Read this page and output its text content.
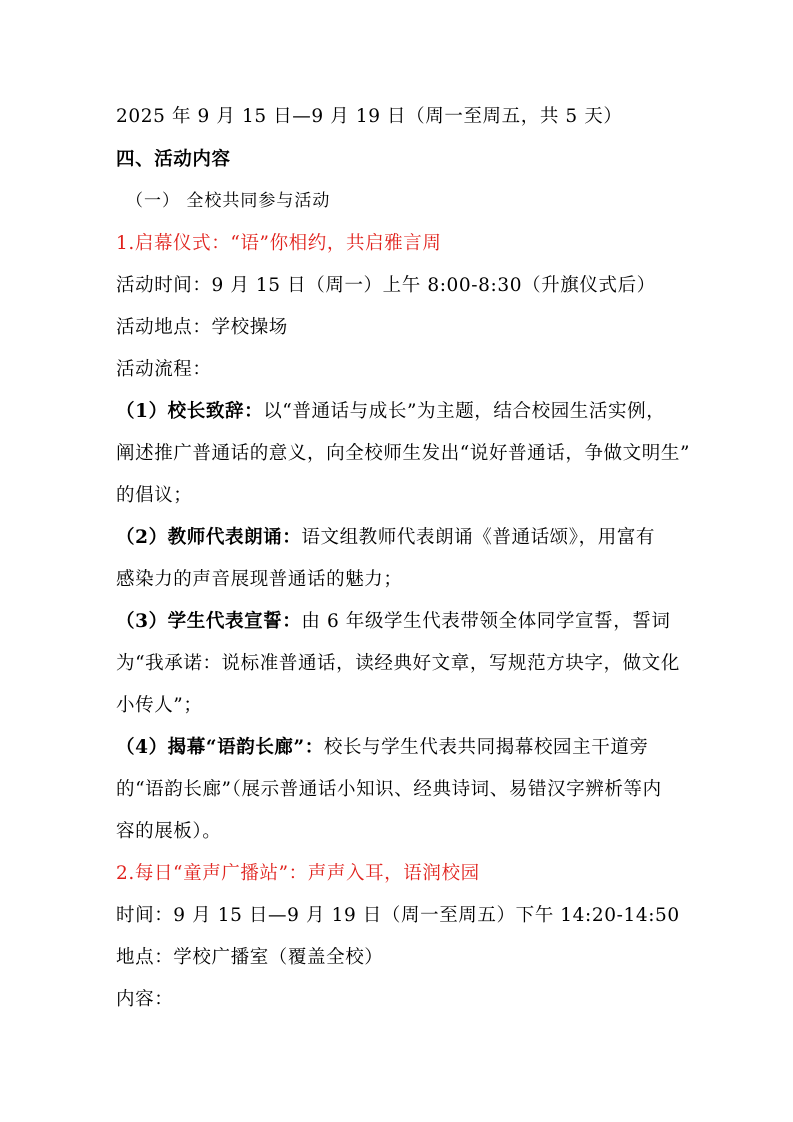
2025 年 9 月 15 日—9 月 19 日（周一至周五，共 5 天）
四、活动内容
（一） 全校共同参与活动
1.启幕仪式：“语”你相约，共启雅言周
活动时间：9 月 15 日（周一）上午 8:00-8:30（升旗仪式后）
活动地点：学校操场
活动流程：
（1）校长致辞：以“普通话与成长”为主题，结合校园生活实例，
阐述推广普通话的意义，向全校师生发出“说好普通话，争做文明生”
的倡议；
（2）教师代表朗诵：语文组教师代表朗诵《普通话颂》，用富有
感染力的声音展现普通话的魅力；
（3）学生代表宣誓：由 6 年级学生代表带领全体同学宣誓，誓词
为“我承诺：说标准普通话，读经典好文章，写规范方块字，做文化
小传人”；
（4）揭幕“语韵长廊”：校长与学生代表共同揭幕校园主干道旁
的“语韵长廊”（展示普通话小知识、经典诗词、易错汉字辨析等内
容的展板）。
2.每日“童声广播站”：声声入耳，语润校园
时间：9 月 15 日—9 月 19 日（周一至周五）下午 14:20-14:50
地点：学校广播室（覆盖全校）
内容：
